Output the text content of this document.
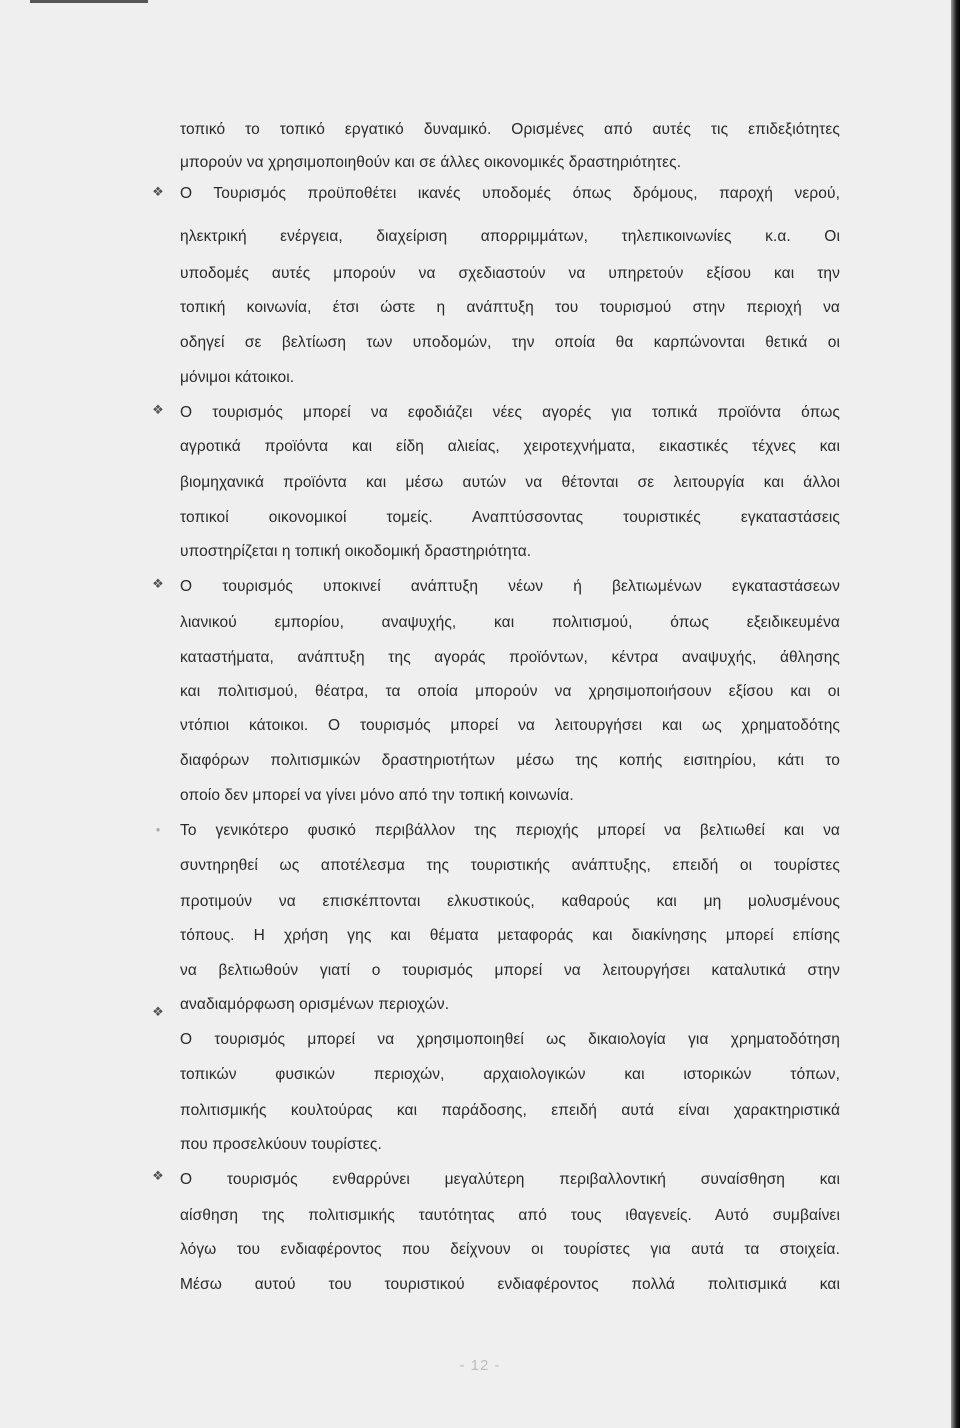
❖
❖
❖
❖
•
❖
τοπικό το τοπικό εργατικό δυναμικό. Ορισμένες από αυτές τις επιδεξιότητες
μπορούν να χρησιμοποιηθούν και σε άλλες οικονομικές δραστηριότητες.
Ο Τουρισμός προϋποθέτει ικανές υποδομές όπως δρόμους, παροχή νερού,
ηλεκτρική ενέργεια, διαχείριση απορριμμάτων, τηλεπικοινωνίες κ.α. Οι
υποδομές αυτές μπορούν να σχεδιαστούν να υπηρετούν εξίσου και την
τοπική κοινωνία, έτσι ώστε η ανάπτυξη του τουρισμού στην περιοχή να
οδηγεί σε βελτίωση των υποδομών, την οποία θα καρπώνονται θετικά οι
μόνιμοι κάτοικοι.
Ο τουρισμός μπορεί να εφοδιάζει νέες αγορές για τοπικά προϊόντα όπως
αγροτικά προϊόντα και είδη αλιείας, χειροτεχνήματα, εικαστικές τέχνες και
βιομηχανικά προϊόντα και μέσω αυτών να θέτονται σε λειτουργία και άλλοι
τοπικοί οικονομικοί τομείς. Αναπτύσσοντας τουριστικές εγκαταστάσεις
υποστηρίζεται η τοπική οικοδομική δραστηριότητα.
Ο τουρισμός υποκινεί ανάπτυξη νέων ή βελτιωμένων εγκαταστάσεων
λιανικού εμπορίου, αναψυχής, και πολιτισμού, όπως εξειδικευμένα
καταστήματα, ανάπτυξη της αγοράς προϊόντων, κέντρα αναψυχής, άθλησης
και πολιτισμού, θέατρα, τα οποία μπορούν να χρησιμοποιήσουν εξίσου και οι
ντόπιοι κάτοικοι. Ο τουρισμός μπορεί να λειτουργήσει και ως χρηματοδότης
διαφόρων πολιτισμικών δραστηριοτήτων μέσω της κοπής εισιτηρίου, κάτι το
οποίο δεν μπορεί να γίνει μόνο από την τοπική κοινωνία.
Το γενικότερο φυσικό περιβάλλον της περιοχής μπορεί να βελτιωθεί και να
συντηρηθεί ως αποτέλεσμα της τουριστικής ανάπτυξης, επειδή οι τουρίστες
προτιμούν να επισκέπτονται ελκυστικούς, καθαρούς και μη μολυσμένους
τόπους. Η χρήση γης και θέματα μεταφοράς και διακίνησης μπορεί επίσης
να βελτιωθούν γιατί ο τουρισμός μπορεί να λειτουργήσει καταλυτικά στην
αναδιαμόρφωση ορισμένων περιοχών.
Ο τουρισμός μπορεί να χρησιμοποιηθεί ως δικαιολογία για χρηματοδότηση
τοπικών φυσικών περιοχών, αρχαιολογικών και ιστορικών τόπων,
πολιτισμικής κουλτούρας και παράδοσης, επειδή αυτά είναι χαρακτηριστικά
που προσελκύουν τουρίστες.
Ο τουρισμός ενθαρρύνει μεγαλύτερη περιβαλλοντική συναίσθηση και
αίσθηση της πολιτισμικής ταυτότητας από τους ιθαγενείς. Αυτό συμβαίνει
λόγω του ενδιαφέροντος που δείχνουν οι τουρίστες για αυτά τα στοιχεία.
Μέσω αυτού του τουριστικού ενδιαφέροντος πολλά πολιτισμικά και
- 12 -
